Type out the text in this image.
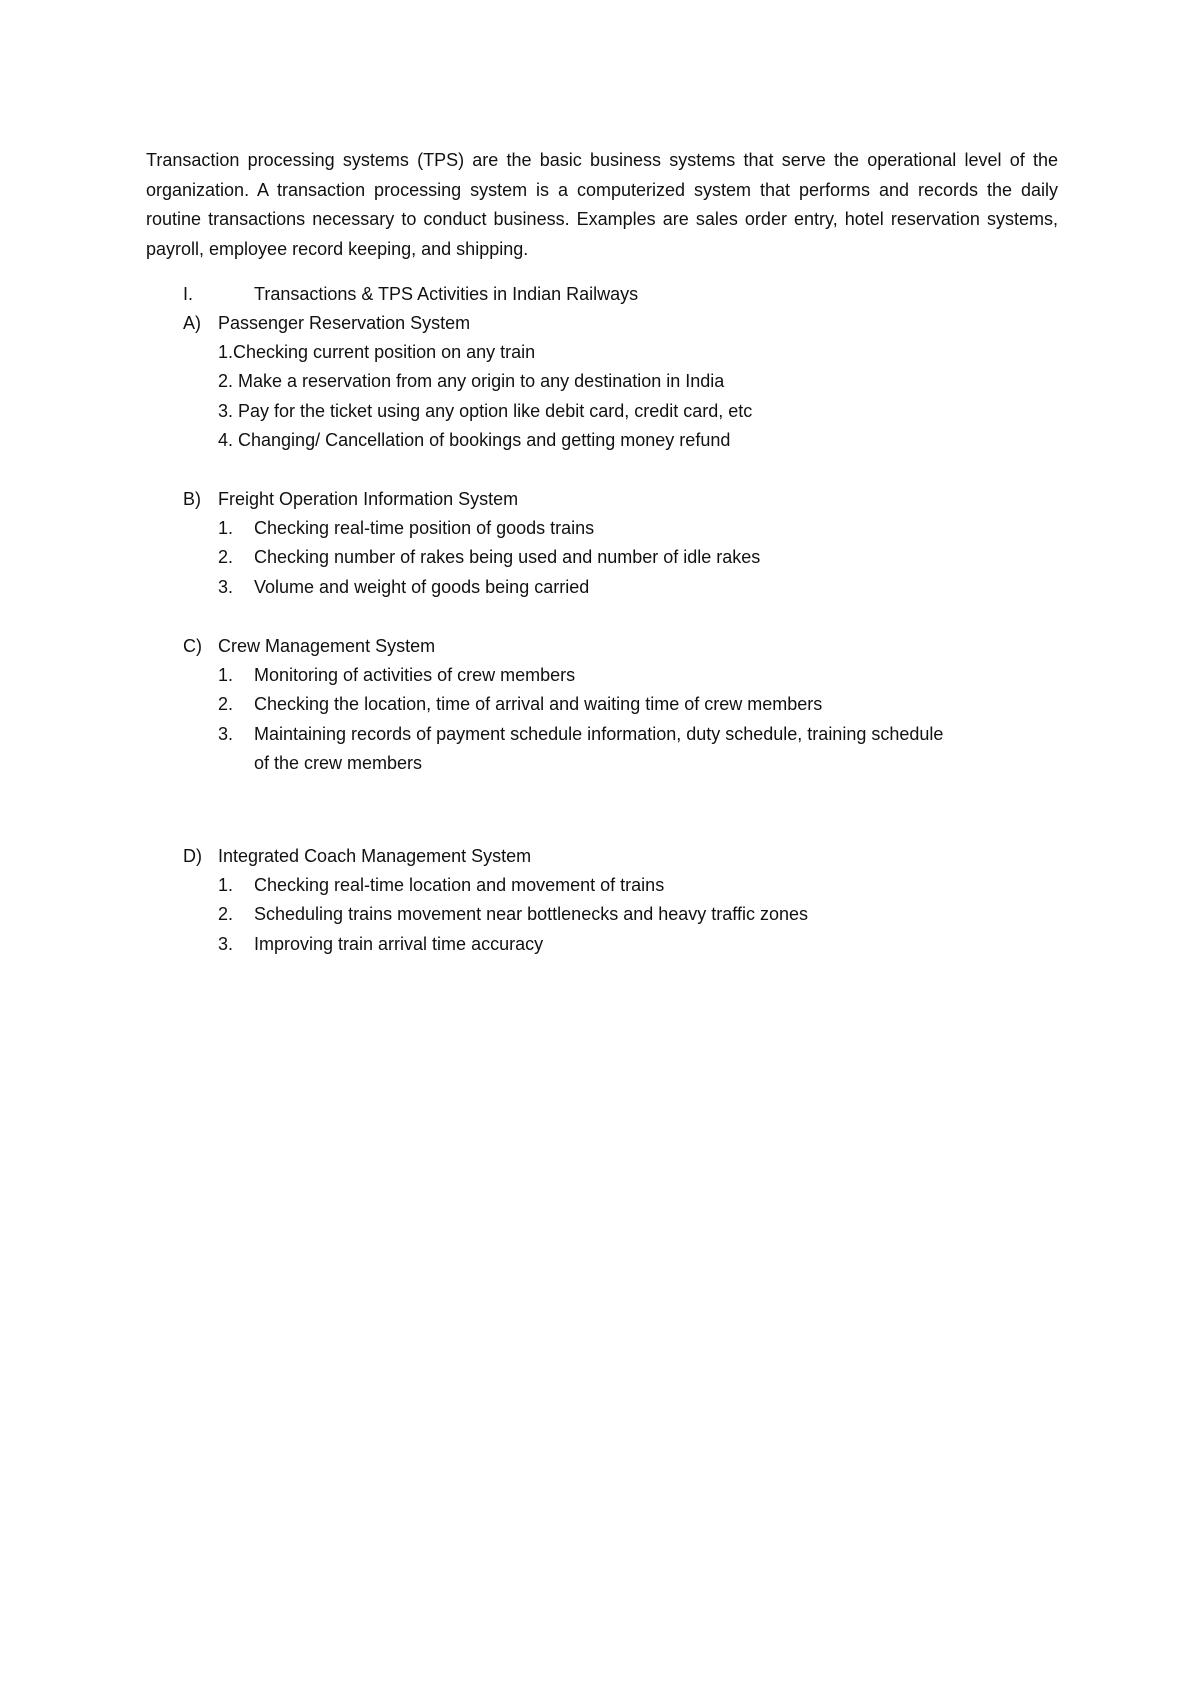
Transaction processing systems (TPS) are the basic business systems that serve the operational level of the organization. A transaction processing system is a computerized system that performs and records the daily routine transactions necessary to conduct business. Examples are sales order entry, hotel reservation systems, payroll, employee record keeping, and shipping.

I.	Transactions & TPS Activities in Indian Railways
A) Passenger Reservation System
1.Checking current position on any train
2. Make a reservation from any origin to any destination in India
3. Pay for the ticket using any option like debit card, credit card, etc
4. Changing/ Cancellation of bookings and getting money refund
B) Freight Operation Information System
1. Checking real-time position of goods trains
2. Checking number of rakes being used and number of idle rakes
3. Volume and weight of goods being carried
C) Crew Management System
1. Monitoring of activities of crew members
2. Checking the location, time of arrival and waiting time of crew members
3. Maintaining records of payment schedule information, duty schedule, training schedule
of the crew members
D) Integrated Coach Management System
1. Checking real-time location and movement of trains
2. Scheduling trains movement near bottlenecks and heavy traffic zones
3. Improving train arrival time accuracy
